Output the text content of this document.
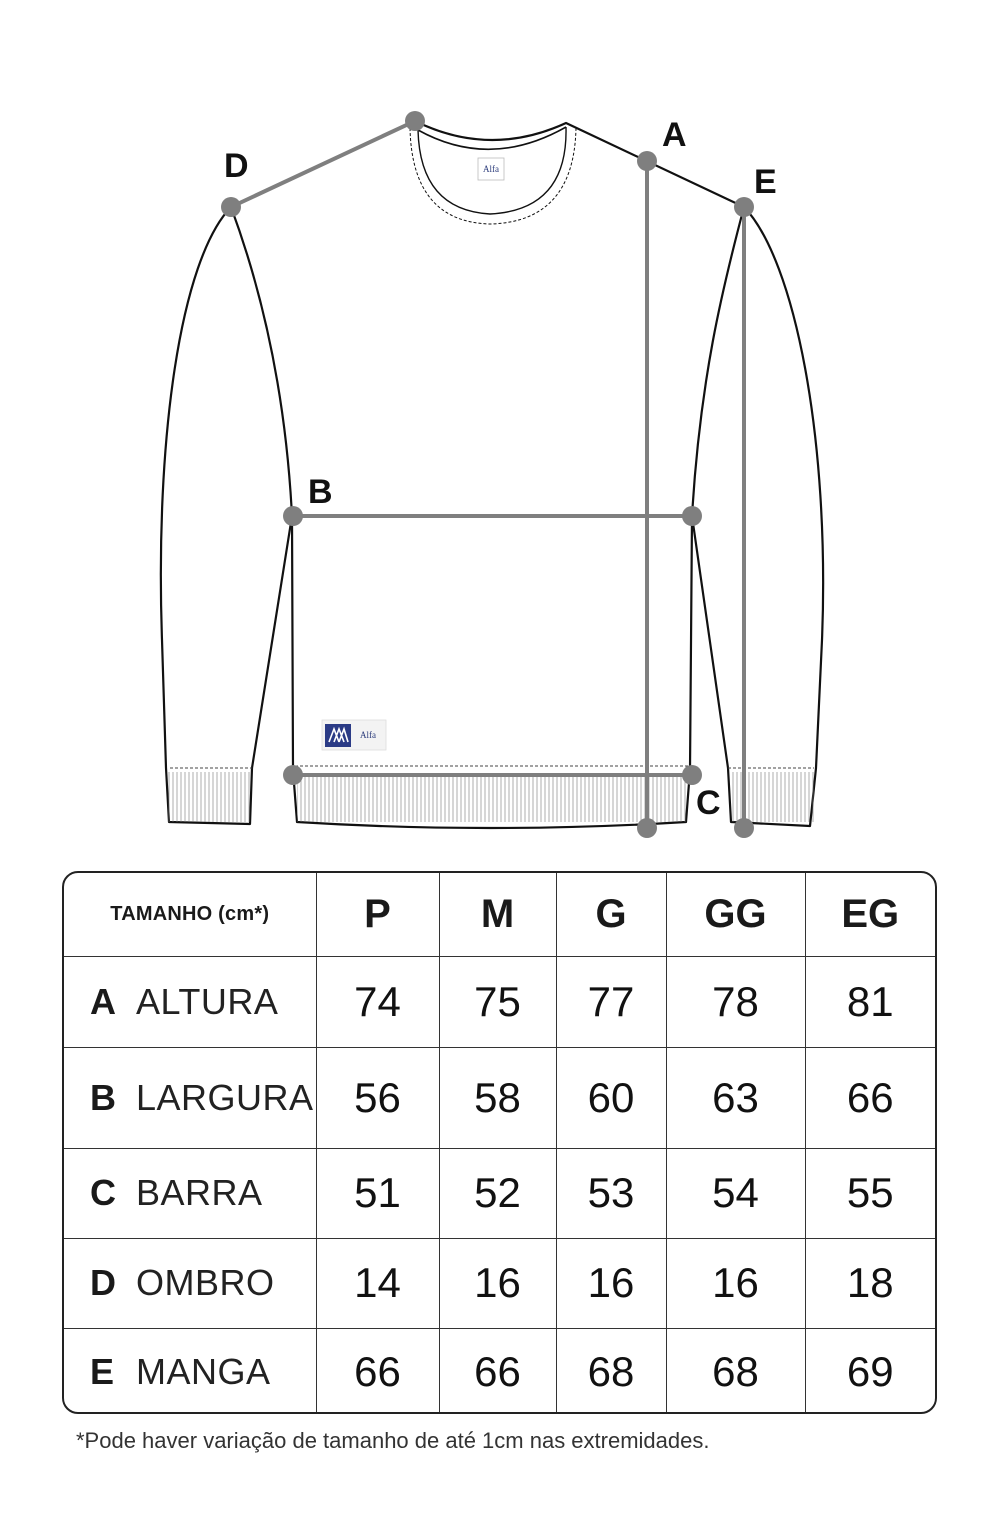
Alfa
Alfa
A
B
C
D	E
TAMANHO (cm*)	P	M	G	GG	EG
A ALTURA	74	75	77	78	81
B LARGURA	56	58	60	63	66
C BARRA	51	52	53	54	55
D OMBRO	14	16	16	16	18
E MANGA	66	66	68	68	69
*Pode haver variação de tamanho de até 1cm nas extremidades.
